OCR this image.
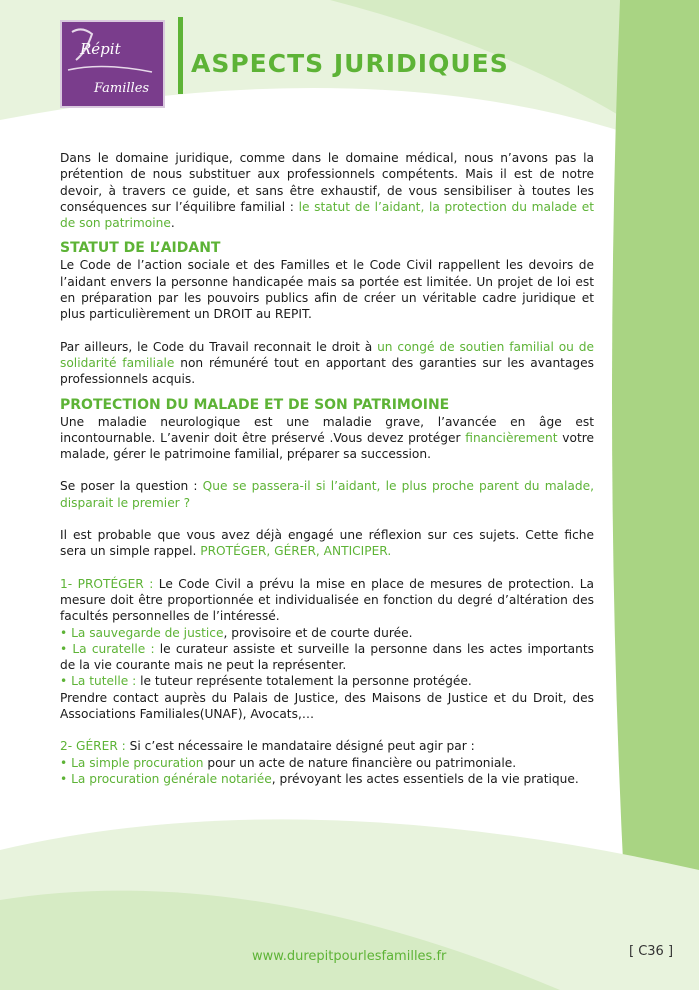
Répit
Familles
ASPECTS JURIDIQUES

Dans le domaine juridique, comme dans le domaine médical, nous n’avons pas la prétention de nous substituer aux professionnels compétents. Mais il est de notre devoir, à travers ce guide, et sans être exhaustif, de vous sensibiliser à toutes les conséquences sur l’équilibre familial : le statut de l’aidant, la protection du malade et de son patrimoine.

STATUT DE L’AIDANT

Le Code de l’action sociale et des Familles et le Code Civil rappellent les devoirs de l’aidant envers la personne handicapée mais sa portée est limitée. Un projet de loi est en préparation par les pouvoirs publics afin de créer un véritable cadre juridique et plus particulièrement un DROIT au REPIT.

Par ailleurs, le Code du Travail reconnait le droit à un congé de soutien familial ou de solidarité familiale non rémunéré tout en apportant des garanties sur les avantages professionnels acquis.

PROTECTION DU MALADE ET DE SON PATRIMOINE

Une maladie neurologique est une maladie grave, l’avancée en âge est incontournable. L’avenir doit être préservé .Vous devez protéger financièrement votre malade, gérer le patrimoine familial, préparer sa succession.

Se poser la question : Que se passera-il si l’aidant, le plus proche parent du malade, disparait le premier ?

Il est probable que vous avez déjà engagé une réflexion sur ces sujets. Cette fiche sera un simple rappel. PROTÉGER, GÉRER, ANTICIPER.

1- PROTÉGER : Le Code Civil a prévu la mise en place de mesures de protection. La mesure doit être proportionnée et individualisée en fonction du degré d’altération des facultés personnelles de l’intéressé.

• La sauvegarde de justice, provisoire et de courte durée.

• La curatelle : le curateur assiste et surveille la personne dans les actes importants de la vie courante mais ne peut la représenter.

• La tutelle : le tuteur représente totalement la personne protégée.

Prendre contact auprès du Palais de Justice, des Maisons de Justice et du Droit, des Associations Familiales(UNAF), Avocats,…

2- GÉRER : Si c’est nécessaire le mandataire désigné peut agir par :

• La simple procuration pour un acte de nature financière ou patrimoniale.

• La procuration générale notariée, prévoyant les actes essentiels de la vie pratique.

www.durepitpourlesfamilles.fr	[ C36 ]
